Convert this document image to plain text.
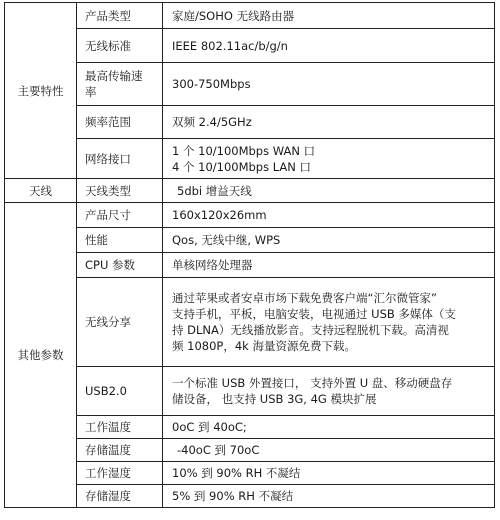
主要特性	产品类型	家庭/SOHO 无线路由器
	无线标准	IEEE 802.11ac/b/g/n

	最高传输速
率	300-750Mbps
	频率范围	双频 2.4/5GHz
	网络接口	1 个 10/100Mbps WAN 口
4 个 10/100Mbps LAN 口

天线	天线类型	5dbi 增益天线
其他参数	产品尺寸	160x120x26mm
	性能	Qos, 无线中继, WPS
	CPU 参数	单核网络处理器
	无线分享	通过苹果或者安卓市场下载免费客户端“汇尔微管家”
支持手机，平板，电脑安装，电视通过 USB 多媒体（支
持 DLNA）无线播放影音。支持远程脱机下载。高清视
频 1080P，4k 海量资源免费下载。

	USB2.0	一个标准 USB 外置接口， 支持外置 U 盘、移动硬盘存
储设备， 也支持 USB 3G, 4G 模块扩展

	工作温度	0oC 到 40oC;
	存储温度	-40oC 到 70oC
	工作湿度	10% 到 90% RH 不凝结
	存储湿度	5% 到 90% RH 不凝结
